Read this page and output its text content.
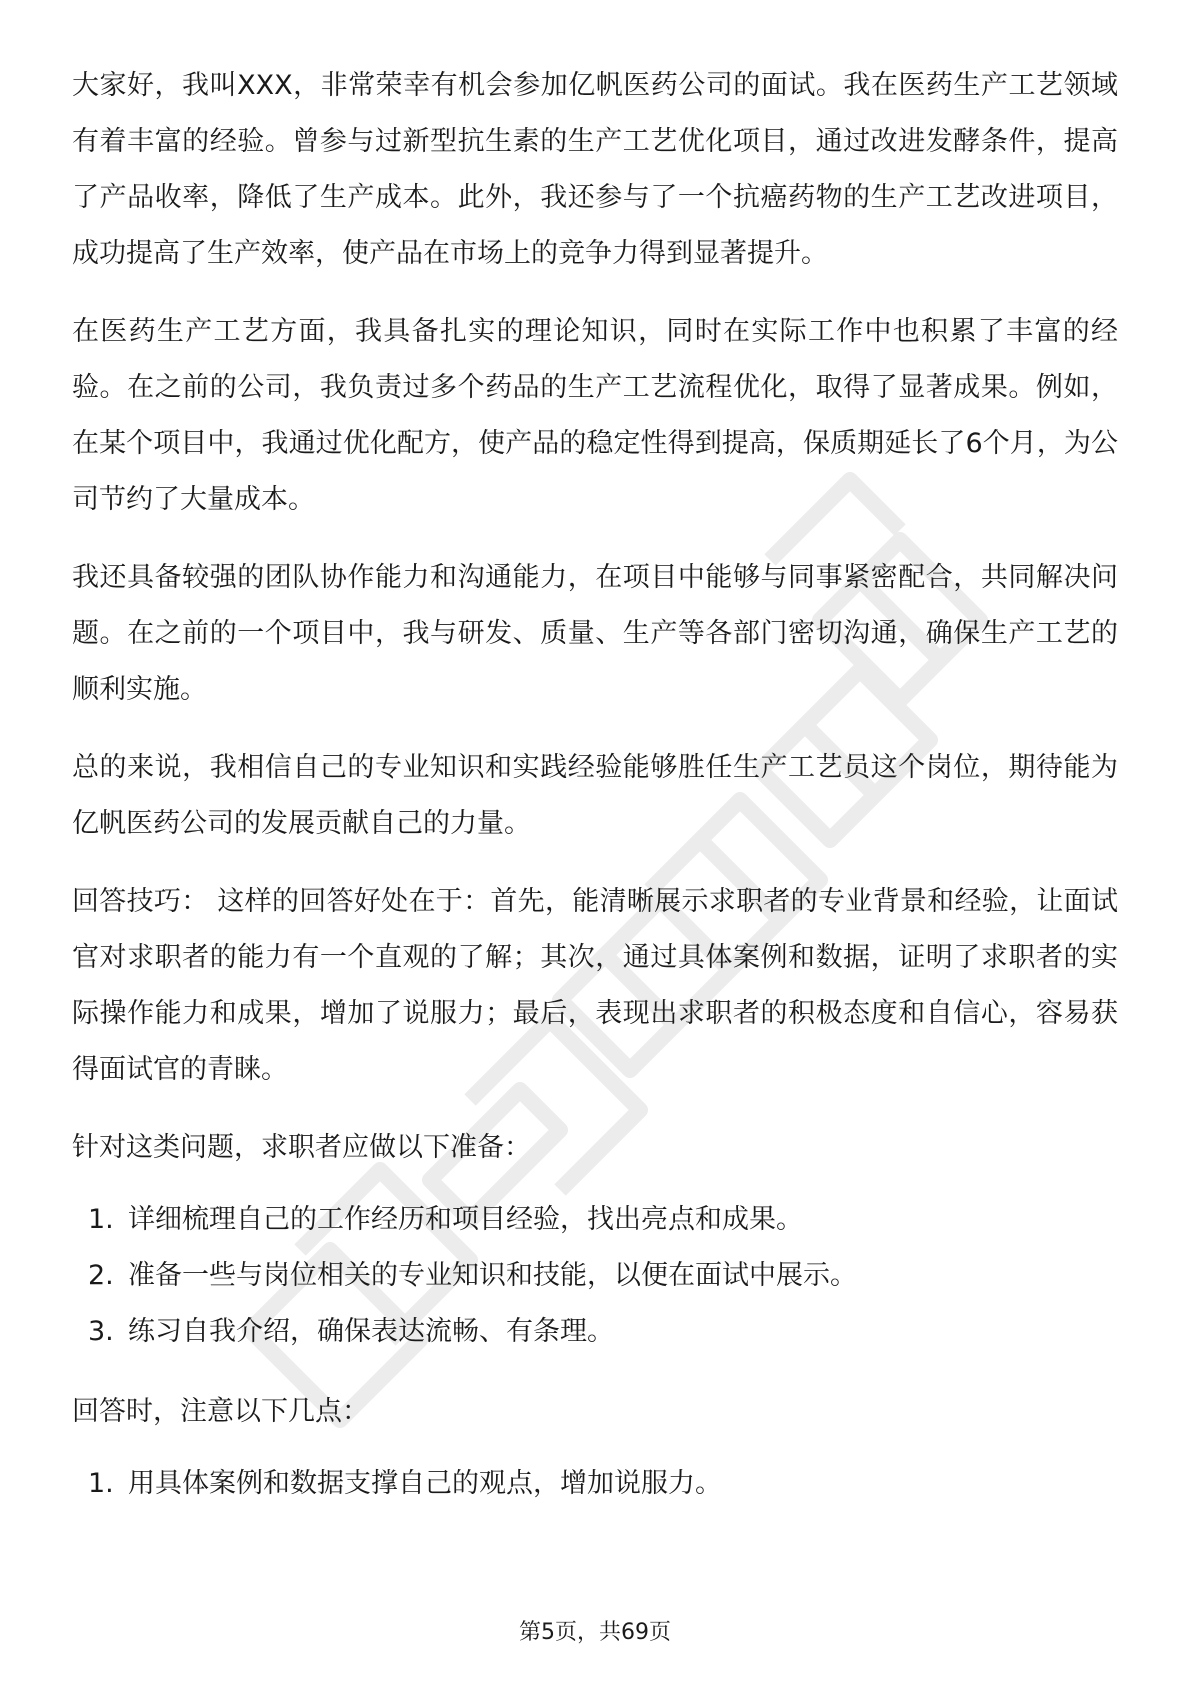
大家好，我叫XXX，非常荣幸有机会参加亿帆医药公司的面试。我在医药生产工艺领域有着丰富的经验。曾参与过新型抗生素的生产工艺优化项目，通过改进发酵条件，提高了产品收率，降低了生产成本。此外，我还参与了一个抗癌药物的生产工艺改进项目，成功提高了生产效率，使产品在市场上的竞争力得到显著提升。

在医药生产工艺方面，我具备扎实的理论知识，同时在实际工作中也积累了丰富的经验。在之前的公司，我负责过多个药品的生产工艺流程优化，取得了显著成果。例如，在某个项目中，我通过优化配方，使产品的稳定性得到提高，保质期延长了6个月，为公司节约了大量成本。

我还具备较强的团队协作能力和沟通能力，在项目中能够与同事紧密配合，共同解决问题。在之前的一个项目中，我与研发、质量、生产等各部门密切沟通，确保生产工艺的顺利实施。

总的来说，我相信自己的专业知识和实践经验能够胜任生产工艺员这个岗位，期待能为亿帆医药公司的发展贡献自己的力量。

回答技巧： 这样的回答好处在于：首先，能清晰展示求职者的专业背景和经验，让面试官对求职者的能力有一个直观的了解；其次，通过具体案例和数据，证明了求职者的实际操作能力和成果，增加了说服力；最后，表现出求职者的积极态度和自信心，容易获得面试官的青睐。

针对这类问题，求职者应做以下准备：

1. 详细梳理自己的工作经历和项目经验，找出亮点和成果。
2. 准备一些与岗位相关的专业知识和技能，以便在面试中展示。
3. 练习自我介绍，确保表达流畅、有条理。

回答时，注意以下几点：

1. 用具体案例和数据支撑自己的观点，增加说服力。
第5页，共69页
